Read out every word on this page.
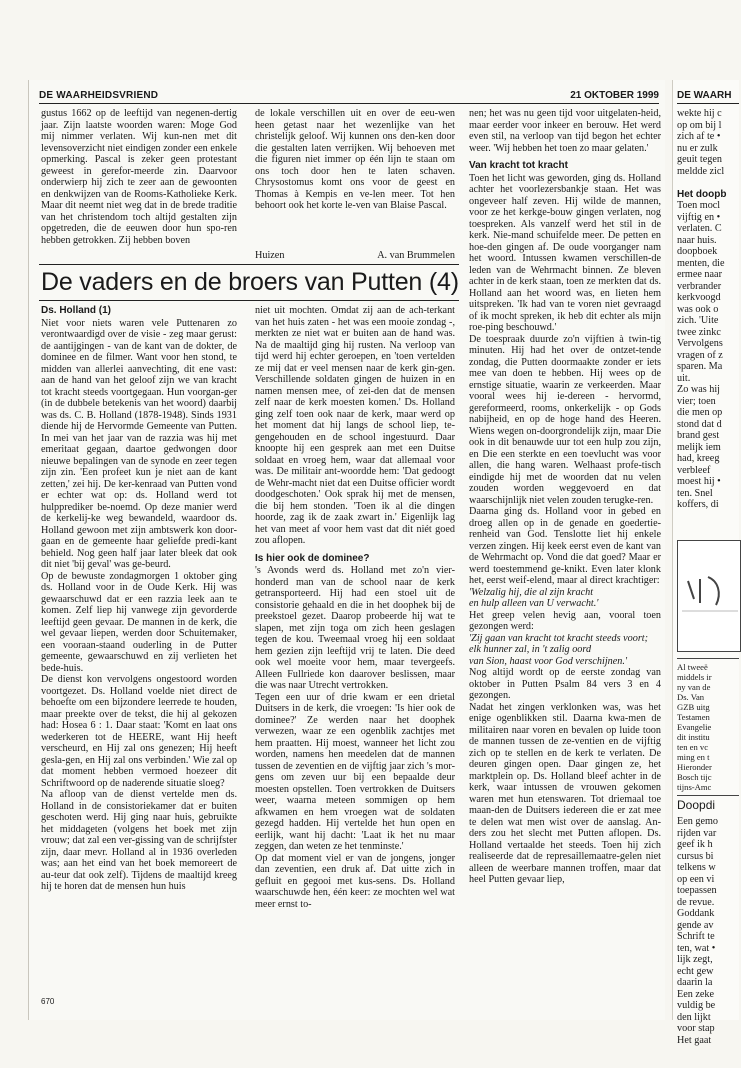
DE WAARHEIDSVRIEND	21 OKTOBER 1999

gustus 1662 op de leeftijd van negenen-dertig jaar. Zijn laatste woorden waren: Moge God mij nimmer verlaten. Wij kun-nen met dit levensoverzicht niet eindigen zonder een enkele opmerking. Pascal is zeker geen protestant geweest in gerefor-meerde zin. Daarvoor onderwierp hij zich te zeer aan de gewoonten en denkwijzen van de Rooms-Katholieke Kerk. Maar dit neemt niet weg dat in de brede traditie van het christendom toch altijd gestalten zijn opgetreden, die de eeuwen door hun spo-ren hebben getrokken. Zij hebben boven

de lokale verschillen uit en over de eeu-wen heen getast naar het wezenlijke van het christelijk geloof. Wij kunnen ons den-ken door die gestalten laten verrijken. Wij behoeven met die figuren niet immer op één lijn te staan om ons toch door hen te laten schaven. Chrysostomus komt ons voor de geest en Thomas à Kempis en ve-len meer. Tot hen behoort ook het korte le-ven van Blaise Pascal.

Huizen	A. van Brummelen
De vaders en de broers van Putten (4)
Ds. Holland (1)

Niet voor niets waren vele Puttenaren zo verontwaardigd over de visie - zeg maar gerust: de aantijgingen - van de kant van de dokter, de dominee en de filmer. Want voor hen stond, te midden van allerlei aanvechting, dit ene vast: aan de hand van het geloof zijn we van kracht tot kracht steeds voortgegaan. Hun voorgan-ger (in de dubbele betekenis van het woord) daarbij was ds. C. B. Holland (1878-1948). Sinds 1931 diende hij de Hervormde Gemeente van Putten. In mei van het jaar van de razzia was hij met emeritaat gegaan, daartoe gedwongen door nieuwe bepalingen van de synode en zeer tegen zijn zin. 'Een profeet kun je niet aan de kant zetten,' zei hij. De ker-kenraad van Putten vond er echter wat op: ds. Holland werd tot hulpprediker be-noemd. Op deze manier werd de kerkelij-ke weg bewandeld, waardoor ds. Holland gewoon met zijn ambtswerk kon door-gaan en de gemeente haar geliefde predi-kant behield. Nog geen half jaar later bleek dat ook dit niet 'bij geval' was ge-beurd.

Op de bewuste zondagmorgen 1 oktober ging ds. Holland voor in de Oude Kerk. Hij was gewaarschuwd dat er een razzia leek aan te komen. Zelf liep hij vanwege zijn gevorderde leeftijd geen gevaar. De mannen in de kerk, die wel gevaar liepen, werden door Schuitemaker, een vooraan-staand ouderling in de Putter gemeente, gewaarschuwd en zij verlieten het bede-huis.

De dienst kon vervolgens ongestoord worden voortgezet. Ds. Holland voelde niet direct de behoefte om een bijzondere leerrede te houden, maar preekte over de tekst, die hij al gekozen had: Hosea 6 : 1. Daar staat: 'Komt en laat ons wederkeren tot de HEERE, want Hij heeft verscheurd, en Hij zal ons genezen; Hij heeft gesla-gen, en Hij zal ons verbinden.' Wie zal op dat moment hebben vermoed hoezeer dit Schriftwoord op de naderende situatie sloeg?

Na afloop van de dienst vertelde men ds. Holland in de consistoriekamer dat er buiten geschoten werd. Hij ging naar huis, gebruikte het middageten (volgens het boek met zijn vrouw; dat zal een ver-gissing van de schrijfster zijn, daar mevr. Holland al in 1936 overleden was; aan het eind van het boek memoreert de au-teur dat ook zelf). Tijdens de maaltijd kreeg hij te horen dat de mensen hun huis

niet uit mochten. Omdat zij aan de ach-terkant van het huis zaten - het was een mooie zondag -, merkten ze niet wat er buiten aan de hand was. Na de maaltijd ging hij rusten. Na verloop van tijd werd hij echter geroepen, en 'toen vertelden ze mij dat er veel mensen naar de kerk gin-gen. Verschillende soldaten gingen de huizen in en namen mensen mee, of zei-den dat de mensen zelf naar de kerk moesten komen.' Ds. Holland ging zelf toen ook naar de kerk, maar werd op het moment dat hij langs de school liep, te-gengehouden en de school ingestuurd. Daar knoopte hij een gesprek aan met een Duitse soldaat en vroeg hem, waar dat allemaal voor was. De militair ant-woordde hem: 'Dat gedoogt de Wehr-macht niet dat een Duitse officier wordt doodgeschoten.' Ook sprak hij met de mensen, die bij hem stonden. 'Toen ik al die dingen hoorde, zag ik de zaak zwart in.' Eigenlijk lag het van meet af voor hem vast dat dit niét goed zou aflopen.

Is hier ook de dominee?

's Avonds werd ds. Holland met zo'n vier-honderd man van de school naar de kerk getransporteerd. Hij had een stoel uit de consistorie gehaald en die in het doophek bij de preekstoel gezet. Daarop probeerde hij wat te slapen, met zijn toga om zich heen geslagen tegen de kou. Tweemaal vroeg hij een soldaat hem gezien zijn leeftijd vrij te laten. Die deed ook wel moeite voor hem, maar tevergeefs. Alleen Fullriede kon daarover beslissen, maar die was naar Utrecht vertrokken.

Tegen een uur of drie kwam er een drietal Duitsers in de kerk, die vroegen: 'Is hier ook de dominee?' Ze werden naar het doophek verwezen, waar ze een ogenblik zachtjes met hem praatten. Hij moest, wanneer het licht zou worden, namens hen meedelen dat de mannen tussen de zeventien en de vijftig jaar zich 's mor-gens om zeven uur bij een bepaalde deur moesten opstellen. Toen vertrokken de Duitsers weer, waarna meteen sommigen op hem afkwamen en hem vroegen wat de soldaten gezegd hadden. Hij vertelde het hun open en eerlijk, want hij dacht: 'Laat ik het nu maar zeggen, dan weten ze het tenminste.'

Op dat moment viel er van de jongens, jonger dan zeventien, een druk af. Dat uitte zich in gefluit en gegooi met kus-sens. Ds. Holland waarschuwde hen, één keer: ze mochten wel wat meer ernst to-

nen; het was nu geen tijd voor uitgelaten-heid, maar eerder voor inkeer en berouw. Het werd even stil, na verloop van tijd begon het echter weer. 'Wij hebben het toen zo maar gelaten.'

Van kracht tot kracht

Toen het licht was geworden, ging ds. Holland achter het voorlezersbankje staan. Het was ongeveer half zeven. Hij wilde de mannen, voor ze het kerkge-bouw gingen verlaten, nog toespreken. Als vanzelf werd het stil in de kerk. Nie-mand schuifelde meer. De petten en hoe-den gingen af. De oude voorganger nam het woord. Intussen kwamen verschillen-de leden van de Wehrmacht binnen. Ze bleven achter in de kerk staan, toen ze merkten dat ds. Holland aan het woord was, en lieten hem uitspreken. 'Ik had van te voren niet gevraagd of ik mocht spreken, ik heb dit echter als mijn roe-ping beschouwd.'

De toespraak duurde zo'n vijftien à twin-tig minuten. Hij had het over de ontzet-tende zondag, die Putten doormaakte zonder er iets mee van doen te hebben. Hij wees op de ernstige situatie, waarin ze verkeerden. Maar vooral wees hij ie-dereen - hervormd, gereformeerd, rooms, onkerkelijk - op Gods nabijheid, en op de hoge hand des Heeren. Wiens wegen on-doorgrondelijk zijn, maar Die ook in dit benauwde uur tot een hulp zou zijn, en Die een sterkte en een toevlucht was voor allen, die hang waren. Welhaast profe-tisch eindigde hij met de woorden dat nu velen zouden worden weggevoerd en dat waarschijnlijk niet velen zouden terugke-ren.

Daarna ging ds. Holland voor in gebed en droeg allen op in de genade en goedertie-renheid van God. Tenslotte liet hij enkele verzen zingen. Hij keek eerst even de kant van de Wehrmacht op. Vond die dat goed? Maar er werd toestemmend ge-knikt. Even later klonk het, eerst weif-elend, maar al direct krachtiger:

'Welzalig hij, die al zijn kracht

en hulp alleen van U verwacht.'

Het greep velen hevig aan, vooral toen gezongen werd:

'Zij gaan van kracht tot kracht steeds voort;

elk hunner zal, in 't zalig oord

van Sion, haast voor God verschijnen.'

Nog altijd wordt op de eerste zondag van oktober in Putten Psalm 84 vers 3 en 4 gezongen.

Nadat het zingen verklonken was, was het enige ogenblikken stil. Daarna kwa-men de militairen naar voren en bevalen op luide toon de mannen tussen de ze-ventien en de vijftig zich op te stellen en de kerk te verlaten. De deuren gingen open. Daar gingen ze, het marktplein op. Ds. Holland bleef achter in de kerk, waar intussen de vrouwen gekomen waren met hun etenswaren. Tot driemaal toe maan-den de Duitsers iedereen die er zat mee te delen wat men wist over de aanslag. An-ders zou het slecht met Putten aflopen. Ds. Holland vertaalde het steeds. Toen hij zich realiseerde dat de represaillemaatre-gelen niet alleen de weerbare mannen troffen, maar dat heel Putten gevaar liep,

670
DE WAARH
wekte hij c
op om bij l
zich af te •
nu er zulk
geuit tegen
meldde zicl
Het doopb
Toen mocl
vijftig en •
verlaten. C
naar huis.
doopboek
menten, die
ermee naar
verbrander
kerkvoogd
was ook o
zich. 'Uite
twee zinkc
Vervolgens
vragen of z
sparen. Ma
uit.
Zo was hij
vier; toen
die men op
stond dat d
brand gest
melijk iem
had, kreeg
verbleef
moest hij •
ten. Snel
koffers, di
Al tweeë
middels ir
ny van de
Ds. Van
GZB uitg
Testamen
Evangelie
dit institu
ten en vc
ming en t
Hieronder
Bosch tijc
tijns-Amc
Doopdi
Een gemo
rijden var
geef ik h
cursus bi
telkens w
op een vi
toepassen
de revue.
Goddank
gende av
Schrift te
ten, wat •
lijk zegt,
echt gew
daarin la
Een zeke
vuldig be
den lijkt
voor stap
Het gaat
